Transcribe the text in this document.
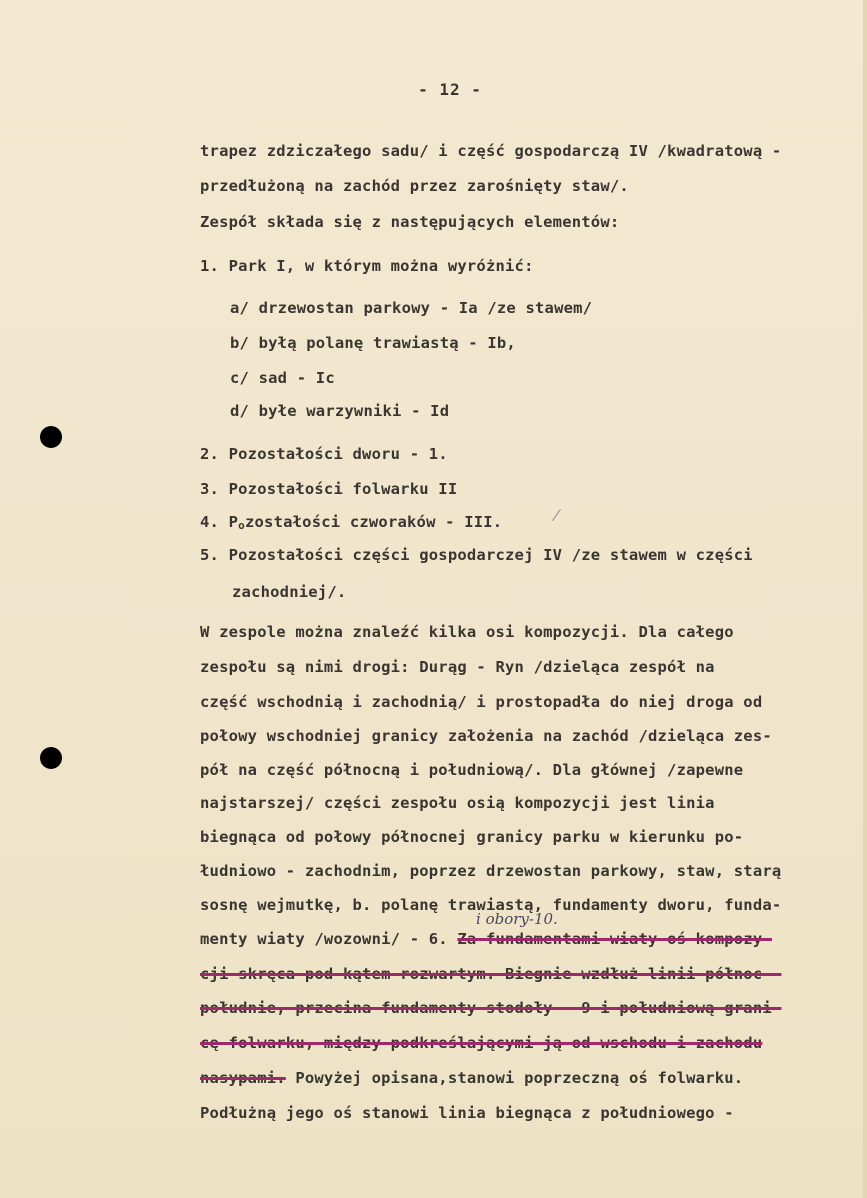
- 12 -
trapez zdziczałego sadu/ i część gospodarczą IV /kwadratową -
przedłużoną na zachód przez zarośnięty staw/.
Zespół składa się z następujących elementów:
1. Park I, w którym można wyróżnić:
a/ drzewostan parkowy - Ia /ze stawem/
b/ byłą polanę trawiastą - Ib,
c/ sad - Ic
d/ byłe warzywniki - Id
2. Pozostałości dworu - 1.
3. Pozostałości folwarku II
4. Pozostałości czworaków - III.
5. Pozostałości części gospodarczej IV /ze stawem w części
zachodniej/.
W zespole można znaleźć kilka osi kompozycji. Dla całego
zespołu są nimi drogi: Durąg - Ryn /dzieląca zespół na
część wschodnią i zachodnią/ i prostopadła do niej droga od
połowy wschodniej granicy założenia na zachód /dzieląca zes-
pół na część północną i południową/. Dla głównej /zapewne
najstarszej/ części zespołu osią kompozycji jest linia
biegnąca od połowy północnej granicy parku w kierunku po-
łudniowo - zachodnim, poprzez drzewostan parkowy, staw, starą
sosnę wejmutkę, b. polanę trawiastą, fundamenty dworu, funda-
i obory-10.
menty wiaty /wozowni/ - 6. Za fundamentami wiaty oś kompozy-
cji skręca pod kątem rozwartym. Biegnie wzdłuż linii północ -
południe, przecina fundamenty stodoły - 9 i południową grani-
cę folwarku, między podkreślającymi ją od wschodu i zachodu
nasypami. Powyżej opisana,stanowi poprzeczną oś folwarku.
Podłużną jego oś stanowi linia biegnąca z południowego -
